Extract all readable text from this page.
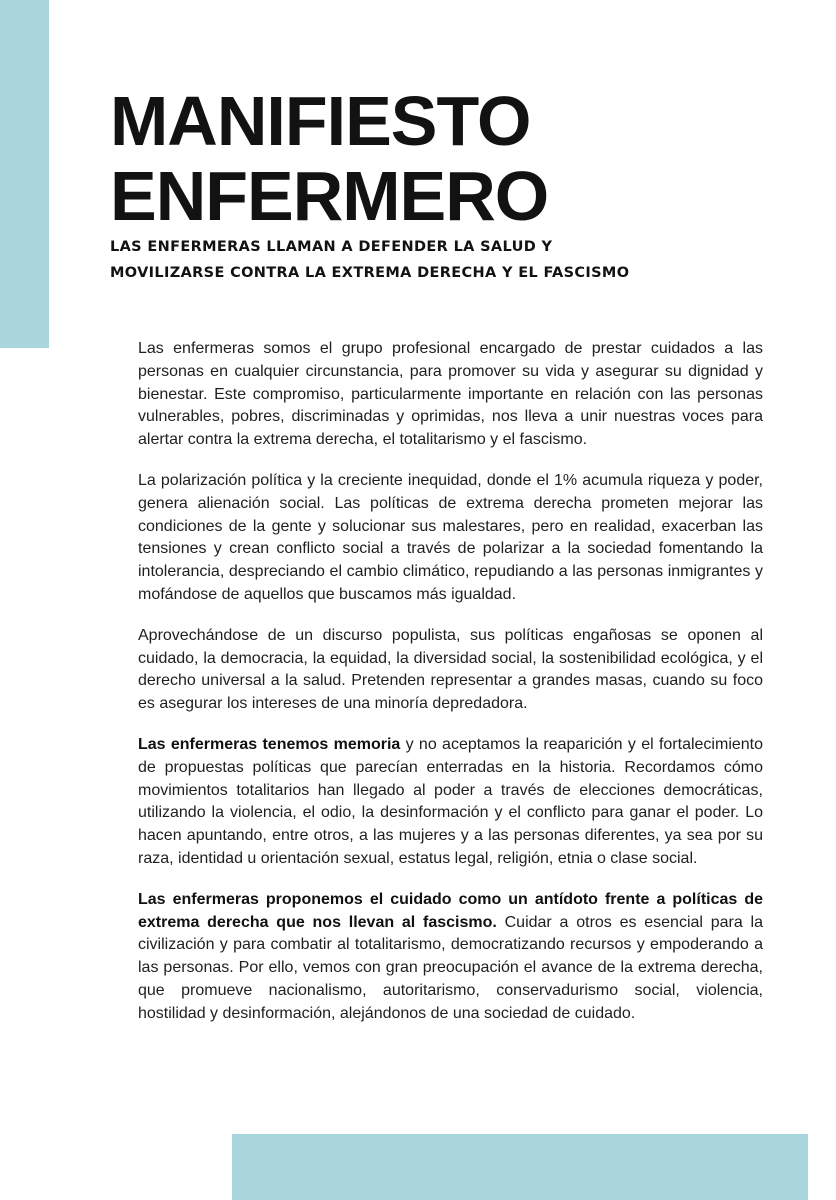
MANIFIESTO
ENFERMERO
LAS ENFERMERAS LLAMAN A DEFENDER LA SALUD Y
MOVILIZARSE CONTRA LA EXTREMA DERECHA Y EL FASCISMO

Las enfermeras somos el grupo profesional encargado de prestar cuidados a las personas en cualquier circunstancia, para promover su vida y asegurar su dignidad y bienestar. Este compromiso, particularmente importante en relación con las personas vulnerables, pobres, discriminadas y oprimidas, nos lleva a unir nuestras voces para alertar contra la extrema derecha, el totalitarismo y el fascismo.

La polarización política y la creciente inequidad, donde el 1% acumula riqueza y poder, genera alienación social. Las políticas de extrema derecha prometen mejorar las condiciones de la gente y solucionar sus malestares, pero en realidad, exacerban las tensiones y crean conflicto social a través de polarizar a la sociedad fomentando la intolerancia, despreciando el cambio climático, repudiando a las personas inmigrantes y mofándose de aquellos que buscamos más igualdad.

Aprovechándose de un discurso populista, sus políticas engañosas se oponen al cuidado, la democracia, la equidad, la diversidad social, la sostenibilidad ecológica, y el derecho universal a la salud. Pretenden representar a grandes masas, cuando su foco es asegurar los intereses de una minoría depredadora.

Las enfermeras tenemos memoria y no aceptamos la reaparición y el fortalecimiento de propuestas políticas que parecían enterradas en la historia. Recordamos cómo movimientos totalitarios han llegado al poder a través de elecciones democráticas, utilizando la violencia, el odio, la desinformación y el conflicto para ganar el poder. Lo hacen apuntando, entre otros, a las mujeres y a las personas diferentes, ya sea por su raza, identidad u orientación sexual, estatus legal, religión, etnia o clase social.

Las enfermeras proponemos el cuidado como un antídoto frente a políticas de extrema derecha que nos llevan al fascismo. Cuidar a otros es esencial para la civilización y para combatir al totalitarismo, democratizando recursos y empoderando a las personas. Por ello, vemos con gran preocupación el avance de la extrema derecha, que promueve nacionalismo, autoritarismo, conservadurismo social, violencia, hostilidad y desinformación, alejándonos de una sociedad de cuidado.
